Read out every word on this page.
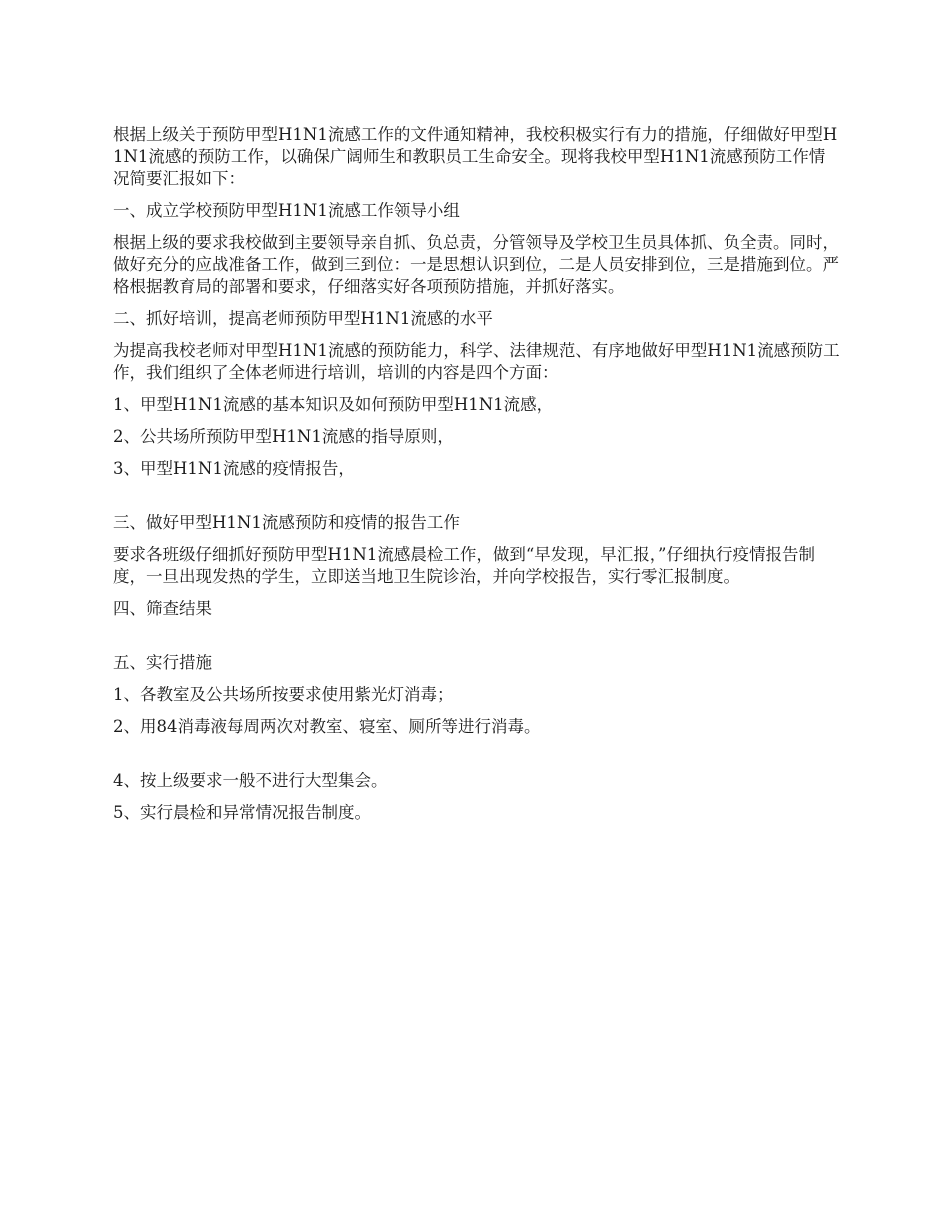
根据上级关于预防甲型H1N1流感工作的文件通知精神，我校积极实行有力的措施，仔细做好甲型H1N1流感的预防工作，以确保广阔师生和教职员工生命安全。现将我校甲型H1N1流感预防工作情况简要汇报如下：

一、成立学校预防甲型H1N1流感工作领导小组

根据上级的要求我校做到主要领导亲自抓、负总责，分管领导及学校卫生员具体抓、负全责。同时，做好充分的应战准备工作，做到三到位：一是思想认识到位，二是人员安排到位，三是措施到位。严格根据教育局的部署和要求，仔细落实好各项预防措施，并抓好落实。

二、抓好培训，提高老师预防甲型H1N1流感的水平

为提高我校老师对甲型H1N1流感的预防能力，科学、法律规范、有序地做好甲型H1N1流感预防工作，我们组织了全体老师进行培训，培训的内容是四个方面：

1、甲型H1N1流感的基本知识及如何预防甲型H1N1流感，

2、公共场所预防甲型H1N1流感的指导原则，

3、甲型H1N1流感的疫情报告，

三、做好甲型H1N1流感预防和疫情的报告工作

要求各班级仔细抓好预防甲型H1N1流感晨检工作，做到“早发现，早汇报，”仔细执行疫情报告制度，一旦出现发热的学生，立即送当地卫生院诊治，并向学校报告，实行零汇报制度。

四、筛查结果

五、实行措施

1、各教室及公共场所按要求使用紫光灯消毒；

2、用84消毒液每周两次对教室、寝室、厕所等进行消毒。

4、按上级要求一般不进行大型集会。

5、实行晨检和异常情况报告制度。
